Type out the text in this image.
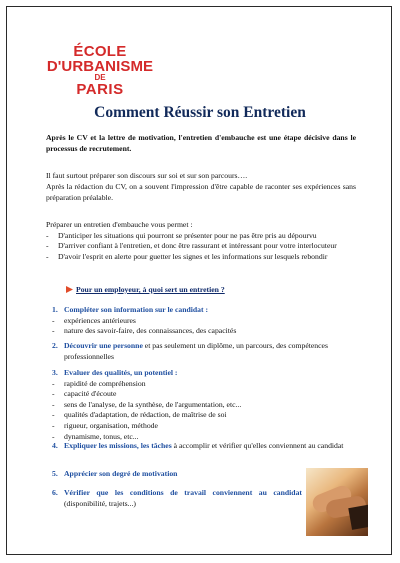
ÉCOLE
D'URBANISME
DE
PARIS
Comment Réussir son Entretien
Après le CV et la lettre de motivation, l'entretien d'embauche est une étape décisive dans le processus de recrutement.
Il faut surtout préparer son discours sur soi et sur son parcours….
Après la rédaction du CV, on a souvent l'impression d'être capable de raconter ses expériences sans préparation préalable.
Préparer un entretien d'embauche vous permet :
-	D'anticiper les situations qui pourront se présenter pour ne pas être pris au dépourvu
-	D'arriver confiant à l'entretien, et donc être rassurant et intéressant pour votre interlocuteur
-	D'avoir l'esprit en alerte pour guetter les signes et les informations sur lesquels rebondir
Pour un employeur, à quoi sert un entretien ?
1. Compléter son information sur le candidat :
-	expériences antérieures
-	nature des savoir-faire, des connaissances, des capacités
2. Découvrir une personne et pas seulement un diplôme, un parcours, des compétences professionnelles
3. Evaluer des qualités, un potentiel :
-	rapidité de compréhension
-	capacité d'écoute
-	sens de l'analyse, de la synthèse, de l'argumentation, etc...
-	qualités d'adaptation, de rédaction, de maîtrise de soi
-	rigueur, organisation, méthode
-	dynamisme, tonus, etc...
4. Expliquer les missions, les tâches à accomplir et vérifier qu'elles conviennent au candidat
5. Apprécier son degré de motivation
6. Vérifier que les conditions de travail conviennent au candidat (disponibilité, trajets...)
